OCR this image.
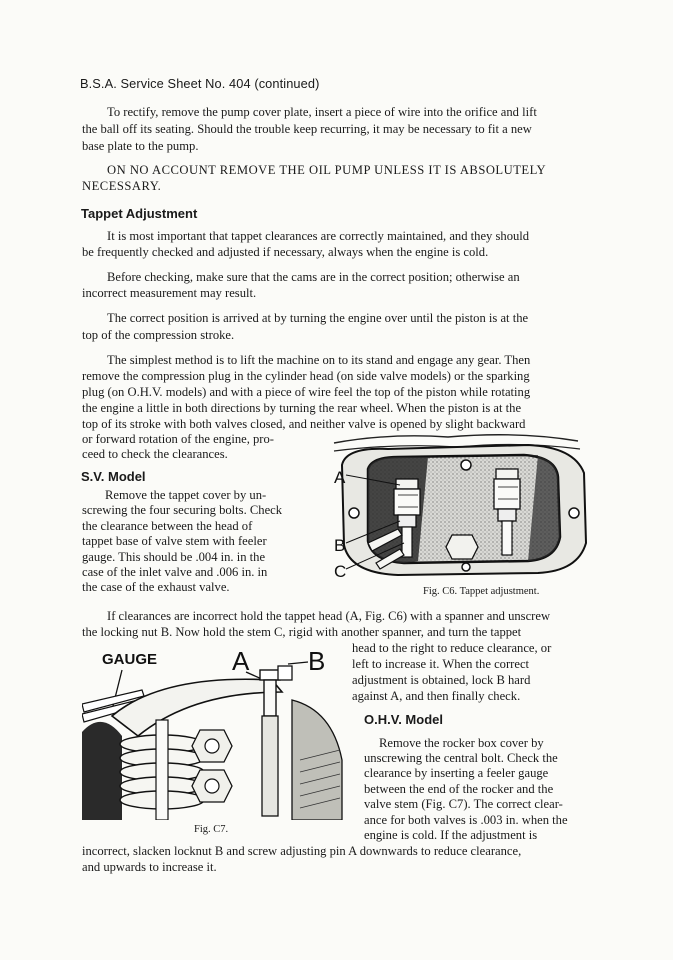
B.S.A. Service Sheet No. 404 (continued)
To rectify, remove the pump cover plate, insert a piece of wire into the orifice and lift
the ball off its seating. Should the trouble keep recurring, it may be necessary to fit a new
base plate to the pump.
ON NO ACCOUNT REMOVE THE OIL PUMP UNLESS IT IS ABSOLUTELY
NECESSARY.
Tappet Adjustment
It is most important that tappet clearances are correctly maintained, and they should
be frequently checked and adjusted if necessary, always when the engine is cold.
Before checking, make sure that the cams are in the correct position; otherwise an
incorrect measurement may result.
The correct position is arrived at by turning the engine over until the piston is at the
top of the compression stroke.
The simplest method is to lift the machine on to its stand and engage any gear. Then
remove the compression plug in the cylinder head (on side valve models) or the sparking
plug (on O.H.V. models) and with a piece of wire feel the top of the piston while rotating
the engine a little in both directions by turning the rear wheel. When the piston is at the
top of its stroke with both valves closed, and neither valve is opened by slight backward
or forward rotation of the engine, pro-
ceed to check the clearances.
S.V. Model
Remove the tappet cover by un-
screwing the four securing bolts. Check
the clearance between the head of
tappet base of valve stem with feeler
gauge. This should be .004 in. in the
case of the inlet valve and .006 in. in
the case of the exhaust valve.
A
B
C
Fig. C6. Tappet adjustment.
If clearances are incorrect hold the tappet head (A, Fig. C6) with a spanner and unscrew
the locking nut B. Now hold the stem C, rigid with another spanner, and turn the tappet
head to the right to reduce clearance, or
left to increase it. When the correct
adjustment is obtained, lock B hard
against A, and then finally check.
O.H.V. Model
Remove the rocker box cover by
unscrewing the central bolt. Check the
clearance by inserting a feeler gauge
between the end of the rocker and the
valve stem (Fig. C7). The correct clear-
ance for both valves is .003 in. when the
engine is cold. If the adjustment is
incorrect, slacken locknut B and screw adjusting pin A downwards to reduce clearance,
and upwards to increase it.
GAUGE	A B
Fig. C7.
